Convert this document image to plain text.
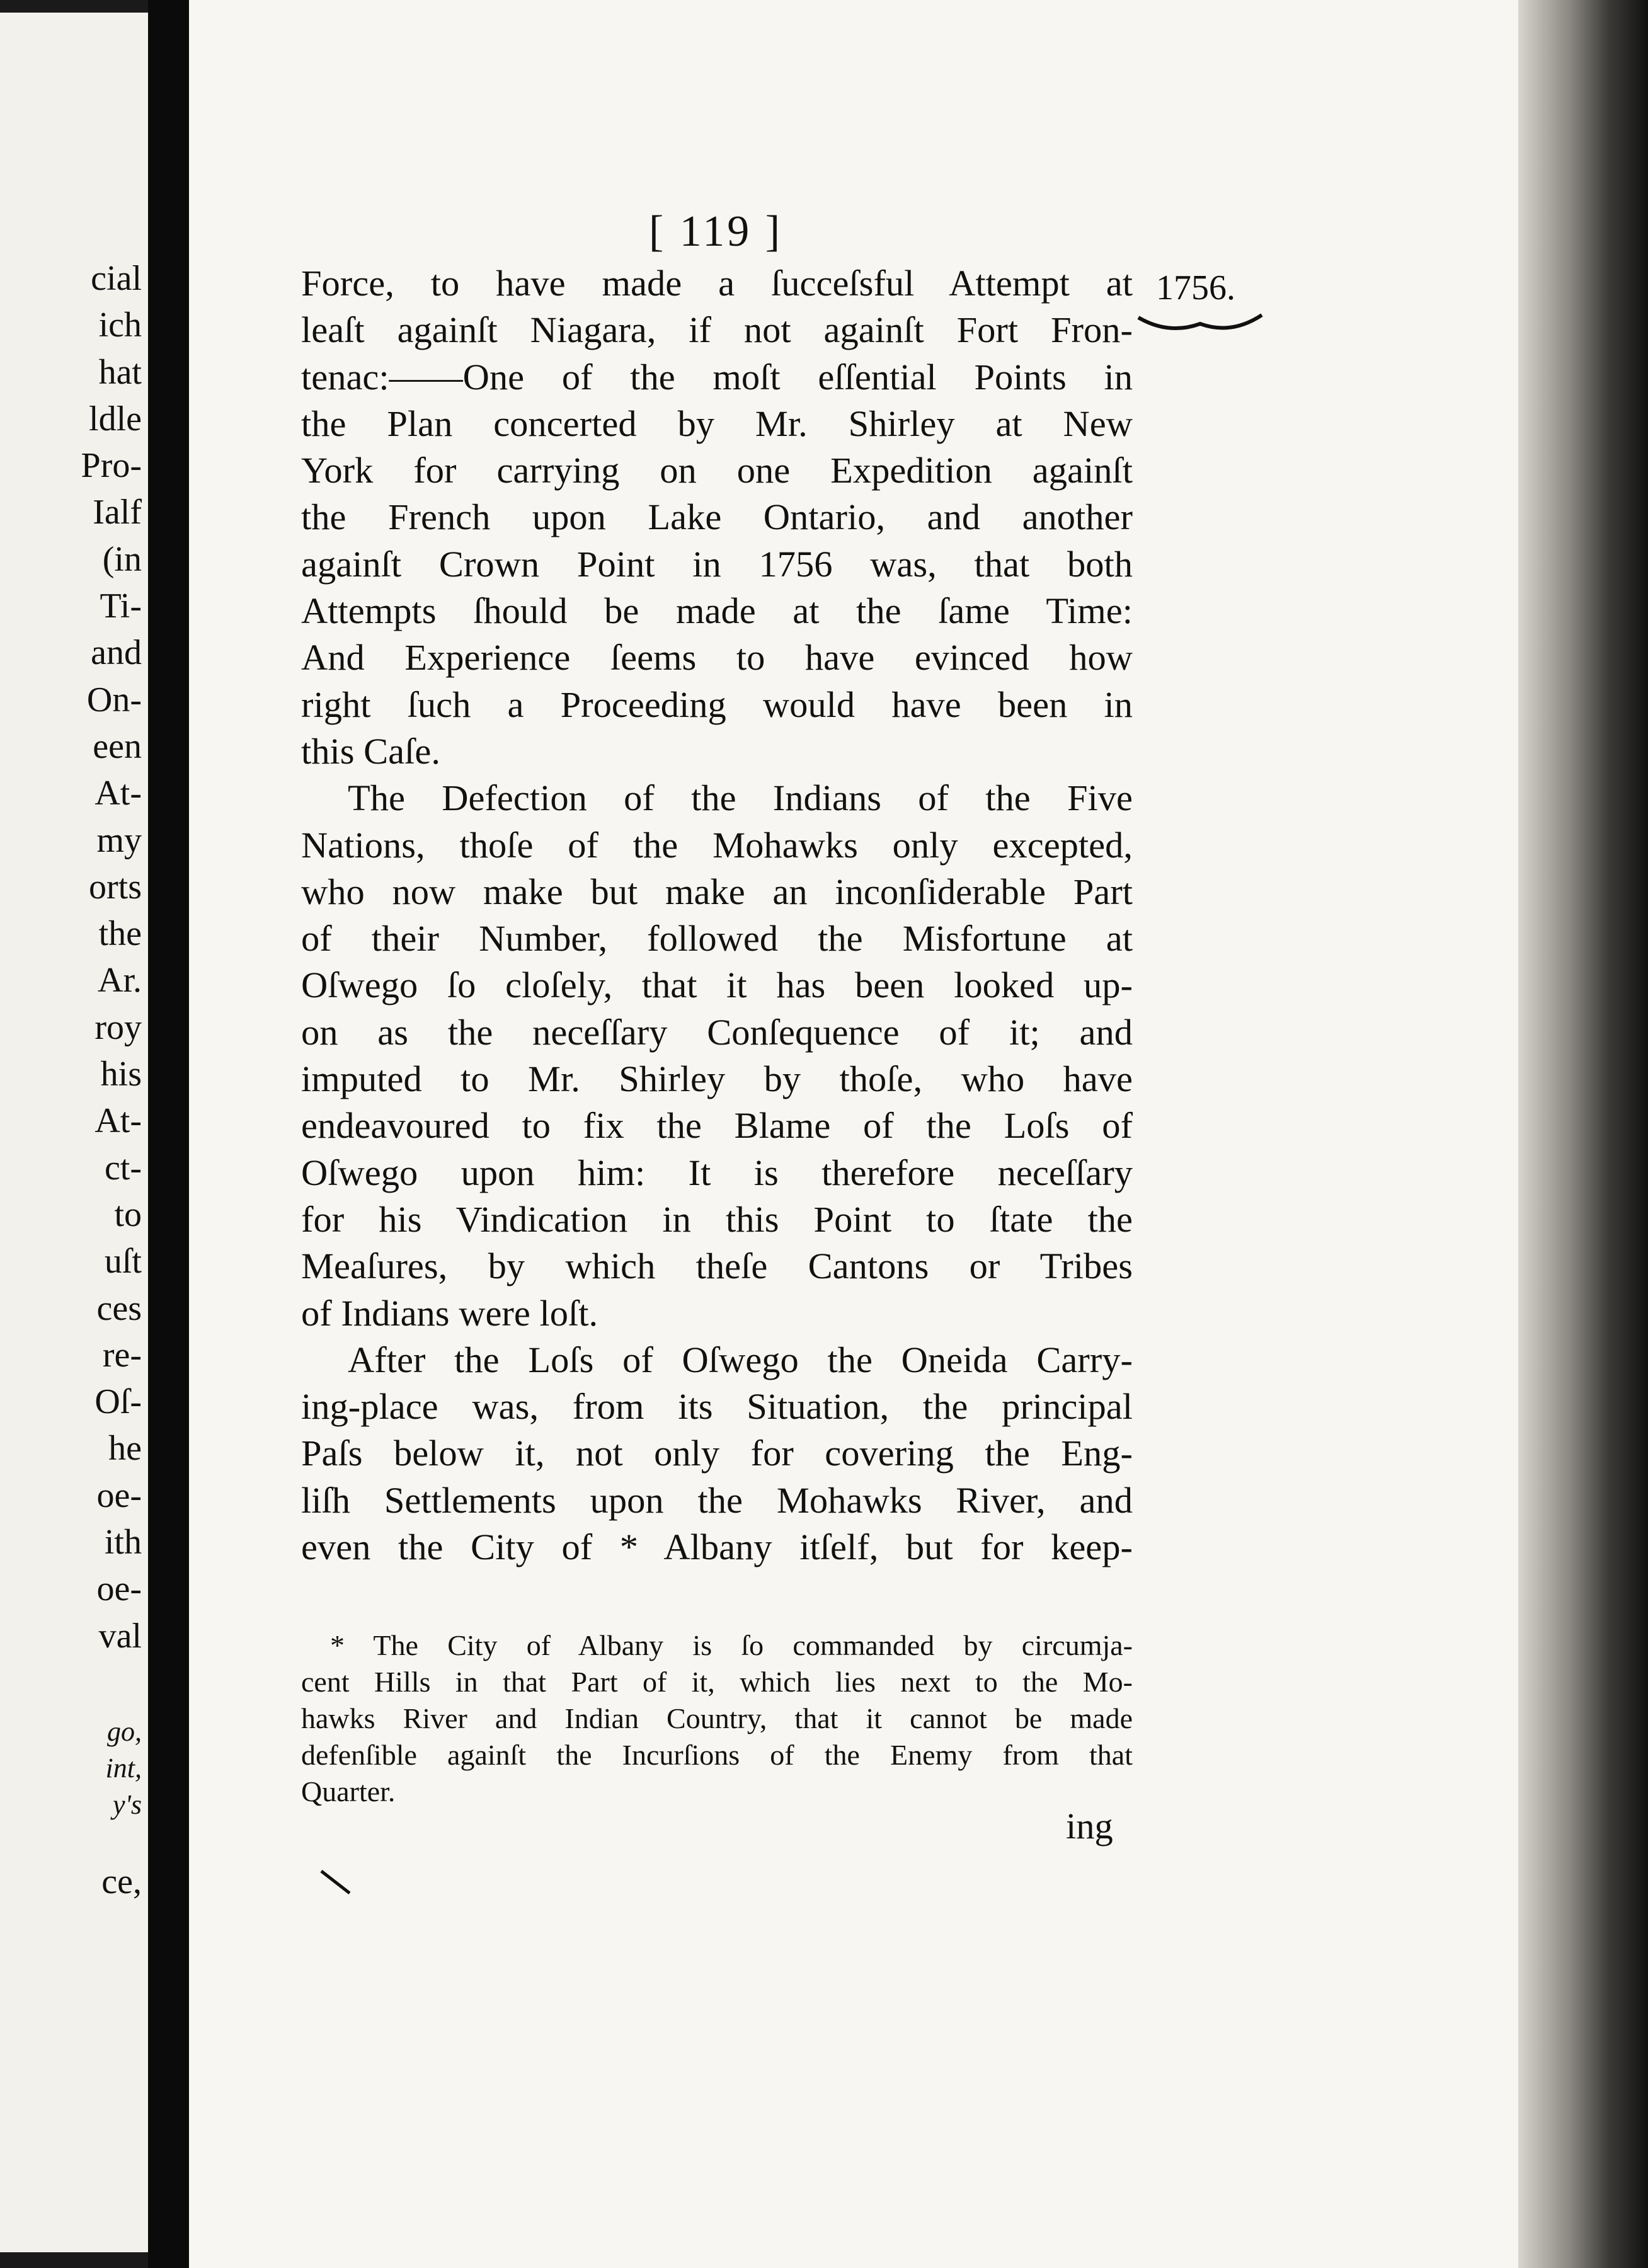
cial
ich
hat
ldle
Pro-
Ialf
(in
Ti-
and
On-
een
At-
my
orts
the
Ar.
roy
his
At-
ct-
to
uſt
ces
re-
Oſ-
he
oe-
ith
oe-
val
go,
int,
y's
ce,
[ 119 ]
1756.
Force, to have made a ſucceſsful Attempt at
leaſt againſt Niagara, if not againſt Fort Fron-
tenac:——One of the moſt eſſential Points in
the Plan concerted by Mr. Shirley at New
York for carrying on one Expedition againſt
the French upon Lake Ontario, and another
againſt Crown Point in 1756 was, that both
Attempts ſhould be made at the ſame Time:
And Experience ſeems to have evinced how
right ſuch a Proceeding would have been in
this Caſe.
The Defection of the Indians of the Five
Nations, thoſe of the Mohawks only excepted,
who now make but make an inconſiderable Part
of their Number, followed the Misfortune at
Oſwego ſo cloſely, that it has been looked up-
on as the neceſſary Conſequence of it; and
imputed to Mr. Shirley by thoſe, who have
endeavoured to fix the Blame of the Loſs of
Oſwego upon him: It is therefore neceſſary
for his Vindication in this Point to ſtate the
Meaſures, by which theſe Cantons or Tribes
of Indians were loſt.
After the Loſs of Oſwego the Oneida Carry-
ing-place was, from its Situation, the principal
Paſs below it, not only for covering the Eng-
liſh Settlements upon the Mohawks River, and
even the City of * Albany itſelf, but for keep-
* The City of Albany is ſo commanded by circumja-
cent Hills in that Part of it, which lies next to the Mo-
hawks River and Indian Country, that it cannot be made
defenſible againſt the Incurſions of the Enemy from that
Quarter.
ing
